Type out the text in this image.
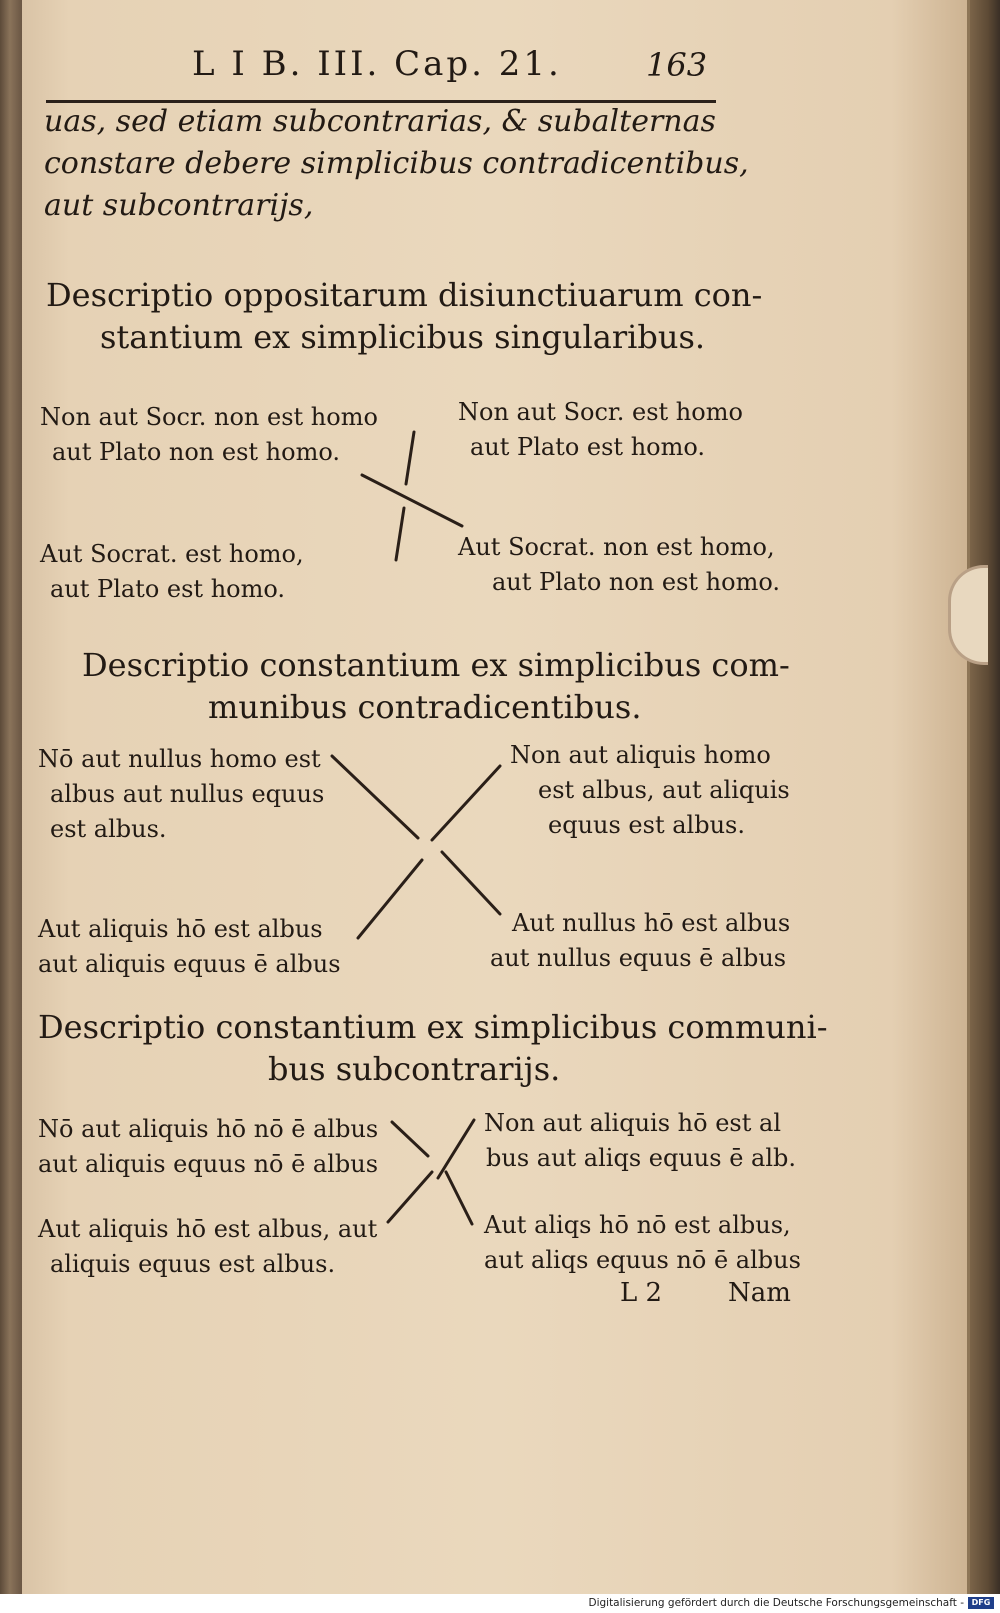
L I B. III. Cap. 21.	163
uas, sed etiam subcontrarias, & subalternas
constare debere simplicibus contradicentibus,
aut subcontrarijs,
Descriptio oppositarum disiunctiuarum con-
stantium ex simplicibus singularibus.
Non aut Socr. non est homo
aut Plato non est homo.
Non aut Socr. est homo
aut Plato est homo.
Aut Socrat. est homo,
aut Plato est homo.
Aut Socrat. non est homo,
aut Plato non est homo.
Descriptio constantium ex simplicibus com-
munibus contradicentibus.
Nō aut nullus homo est
albus aut nullus equus
est albus.
Non aut aliquis homo
est albus, aut aliquis
equus est albus.
Aut aliquis hō est albus
aut aliquis equus ē albus
Aut nullus hō est albus
aut nullus equus ē albus
Descriptio constantium ex simplicibus communi-
bus subcontrarijs.
Nō aut aliquis hō nō ē albus
aut aliquis equus nō ē albus
Non aut aliquis hō est al
bus aut aliqs equus ē alb.
Aut aliquis hō est albus, aut
aliquis equus est albus.
Aut aliqs hō nō est albus,
aut aliqs equus nō ē albus
L 2	Nam
Digitalisierung gefördert durch die Deutsche Forschungsgemeinschaft - DFG
